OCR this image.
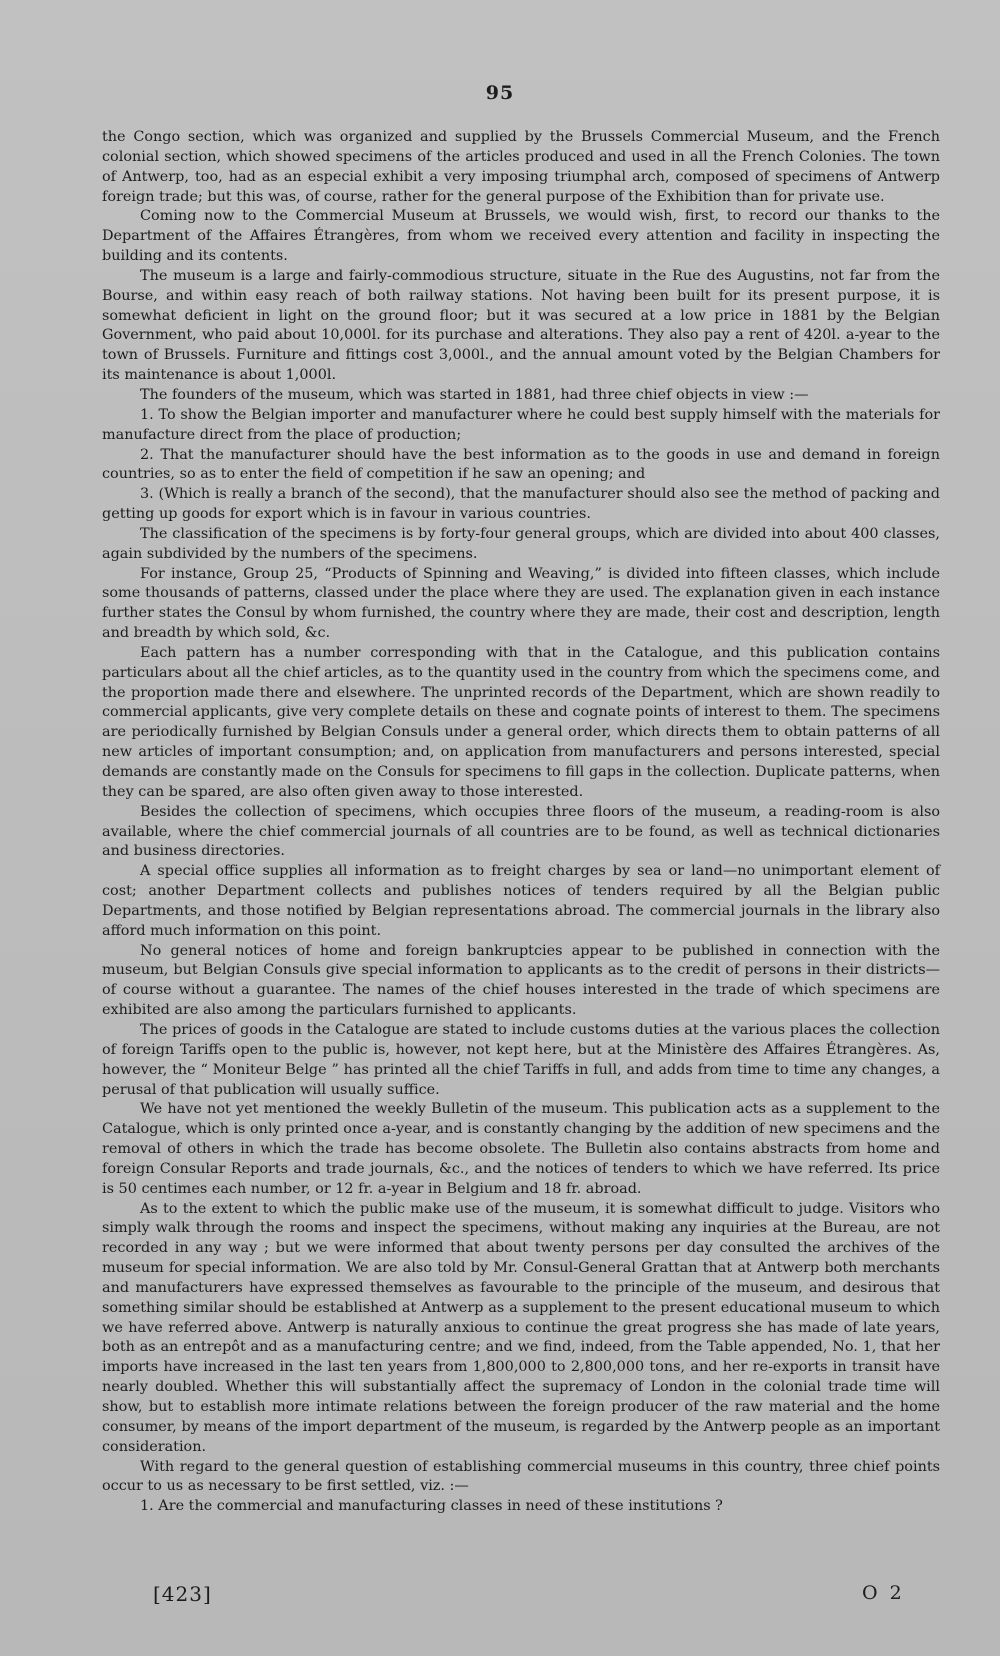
95

the Congo section, which was organized and supplied by the Brussels Commercial Museum, and the French colonial section, which showed specimens of the articles produced and used in all the French Colonies. The town of Antwerp, too, had as an especial exhibit a very imposing triumphal arch, composed of specimens of Antwerp foreign trade; but this was, of course, rather for the general purpose of the Exhibition than for private use.

Coming now to the Commercial Museum at Brussels, we would wish, first, to record our thanks to the Department of the Affaires Étrangères, from whom we received every attention and facility in inspecting the building and its contents.

The museum is a large and fairly-commodious structure, situate in the Rue des Augustins, not far from the Bourse, and within easy reach of both railway stations. Not having been built for its present purpose, it is somewhat deficient in light on the ground floor; but it was secured at a low price in 1881 by the Belgian Government, who paid about 10,000l. for its purchase and alterations. They also pay a rent of 420l. a-year to the town of Brussels. Furniture and fittings cost 3,000l., and the annual amount voted by the Belgian Chambers for its maintenance is about 1,000l.

The founders of the museum, which was started in 1881, had three chief objects in view :—

1. To show the Belgian importer and manufacturer where he could best supply himself with the materials for manufacture direct from the place of production;

2. That the manufacturer should have the best information as to the goods in use and demand in foreign countries, so as to enter the field of competition if he saw an opening; and

3. (Which is really a branch of the second), that the manufacturer should also see the method of packing and getting up goods for export which is in favour in various countries.

The classification of the specimens is by forty-four general groups, which are divided into about 400 classes, again subdivided by the numbers of the specimens.

For instance, Group 25, “Products of Spinning and Weaving,” is divided into fifteen classes, which include some thousands of patterns, classed under the place where they are used. The explanation given in each instance further states the Consul by whom furnished, the country where they are made, their cost and description, length and breadth by which sold, &c.

Each pattern has a number corresponding with that in the Catalogue, and this publication contains particulars about all the chief articles, as to the quantity used in the country from which the specimens come, and the proportion made there and elsewhere. The unprinted records of the Department, which are shown readily to commercial applicants, give very complete details on these and cognate points of interest to them. The specimens are periodically furnished by Belgian Consuls under a general order, which directs them to obtain patterns of all new articles of important consumption; and, on application from manufacturers and persons interested, special demands are constantly made on the Consuls for specimens to fill gaps in the collection. Duplicate patterns, when they can be spared, are also often given away to those interested.

Besides the collection of specimens, which occupies three floors of the museum, a reading-room is also available, where the chief commercial journals of all countries are to be found, as well as technical dictionaries and business directories.

A special office supplies all information as to freight charges by sea or land—no unimportant element of cost; another Department collects and publishes notices of tenders required by all the Belgian public Departments, and those notified by Belgian representations abroad. The commercial journals in the library also afford much information on this point.

No general notices of home and foreign bankruptcies appear to be published in connection with the museum, but Belgian Consuls give special information to applicants as to the credit of persons in their districts—of course without a guarantee. The names of the chief houses interested in the trade of which specimens are exhibited are also among the particulars furnished to applicants.

The prices of goods in the Catalogue are stated to include customs duties at the various places the collection of foreign Tariffs open to the public is, however, not kept here, but at the Ministère des Affaires Étrangères. As, however, the “ Moniteur Belge ” has printed all the chief Tariffs in full, and adds from time to time any changes, a perusal of that publication will usually suffice.

We have not yet mentioned the weekly Bulletin of the museum. This publication acts as a supplement to the Catalogue, which is only printed once a-year, and is constantly changing by the addition of new specimens and the removal of others in which the trade has become obsolete. The Bulletin also contains abstracts from home and foreign Consular Reports and trade journals, &c., and the notices of tenders to which we have referred. Its price is 50 centimes each number, or 12 fr. a-year in Belgium and 18 fr. abroad.

As to the extent to which the public make use of the museum, it is somewhat difficult to judge. Visitors who simply walk through the rooms and inspect the specimens, without making any inquiries at the Bureau, are not recorded in any way ; but we were informed that about twenty persons per day consulted the archives of the museum for special information. We are also told by Mr. Consul-General Grattan that at Antwerp both merchants and manufacturers have expressed themselves as favourable to the principle of the museum, and desirous that something similar should be established at Antwerp as a supplement to the present educational museum to which we have referred above. Antwerp is naturally anxious to continue the great progress she has made of late years, both as an entrepôt and as a manufacturing centre; and we find, indeed, from the Table appended, No. 1, that her imports have increased in the last ten years from 1,800,000 to 2,800,000 tons, and her re-exports in transit have nearly doubled. Whether this will substantially affect the supremacy of London in the colonial trade time will show, but to establish more intimate relations between the foreign producer of the raw material and the home consumer, by means of the import department of the museum, is regarded by the Antwerp people as an important consideration.

With regard to the general question of establishing commercial museums in this country, three chief points occur to us as necessary to be first settled, viz. :—

1. Are the commercial and manufacturing classes in need of these institutions ?

[423]	O 2
